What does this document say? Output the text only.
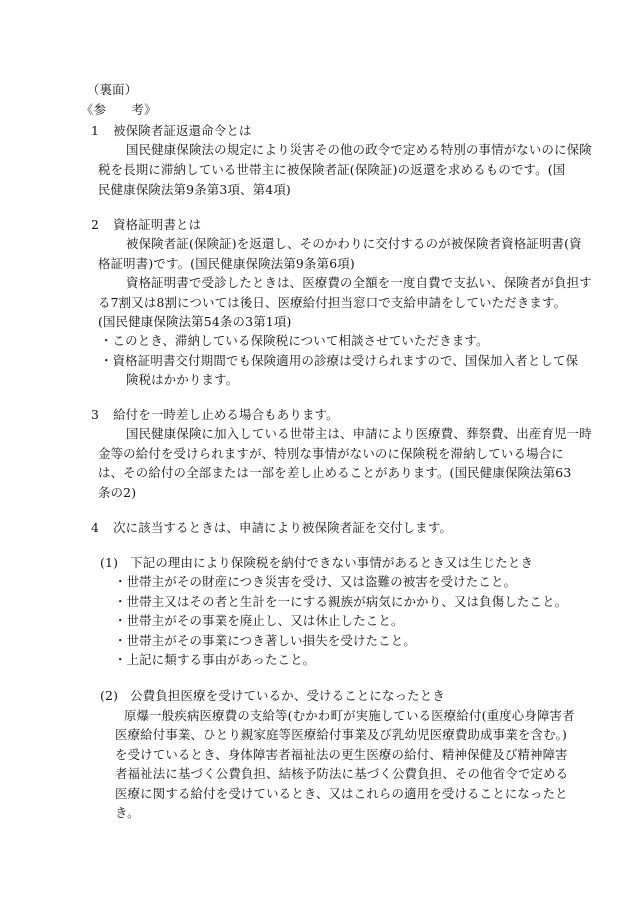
（裏面）
《参　　考》
1 被保険者証返還命令とは
国民健康保険法の規定により災害その他の政令で定める特別の事情がないのに保険
税を長期に滞納している世帯主に被保険者証(保険証)の返還を求めるものです。(国
民健康保険法第9条第3項、第4項)
2 資格証明書とは
被保険者証(保険証)を返還し、そのかわりに交付するのが被保険者資格証明書(資
格証明書)です。(国民健康保険法第9条第6項)
資格証明書で受診したときは、医療費の全額を一度自費で支払い、保険者が負担す
る7割又は8割については後日、医療給付担当窓口で支給申請をしていただきます。
(国民健康保険法第54条の3第1項)
・このとき、滞納している保険税について相談させていただきます。
・資格証明書交付期間でも保険適用の診療は受けられますので、国保加入者として保
険税はかかります。
3 給付を一時差し止める場合もあります。
国民健康保険に加入している世帯主は、申請により医療費、葬祭費、出産育児一時
金等の給付を受けられますが、特別な事情がないのに保険税を滞納している場合に
は、その給付の全部または一部を差し止めることがあります。(国民健康保険法第63
条の2)
4 次に該当するときは、申請により被保険者証を交付します。
(1) 下記の理由により保険税を納付できない事情があるとき又は生じたとき
・世帯主がその財産につき災害を受け、又は盗難の被害を受けたこと。
・世帯主又はその者と生計を一にする親族が病気にかかり、又は負傷したこと。
・世帯主がその事業を廃止し、又は休止したこと。
・世帯主がその事業につき著しい損失を受けたこと。
・上記に類する事由があったこと。
(2) 公費負担医療を受けているか、受けることになったとき
原爆一般疾病医療費の支給等(むかわ町が実施している医療給付(重度心身障害者
医療給付事業、ひとり親家庭等医療給付事業及び乳幼児医療費助成事業を含む。)
を受けているとき、身体障害者福祉法の更生医療の給付、精神保健及び精神障害
者福祉法に基づく公費負担、結核予防法に基づく公費負担、その他省令で定める
医療に関する給付を受けているとき、又はこれらの適用を受けることになったと
き。
